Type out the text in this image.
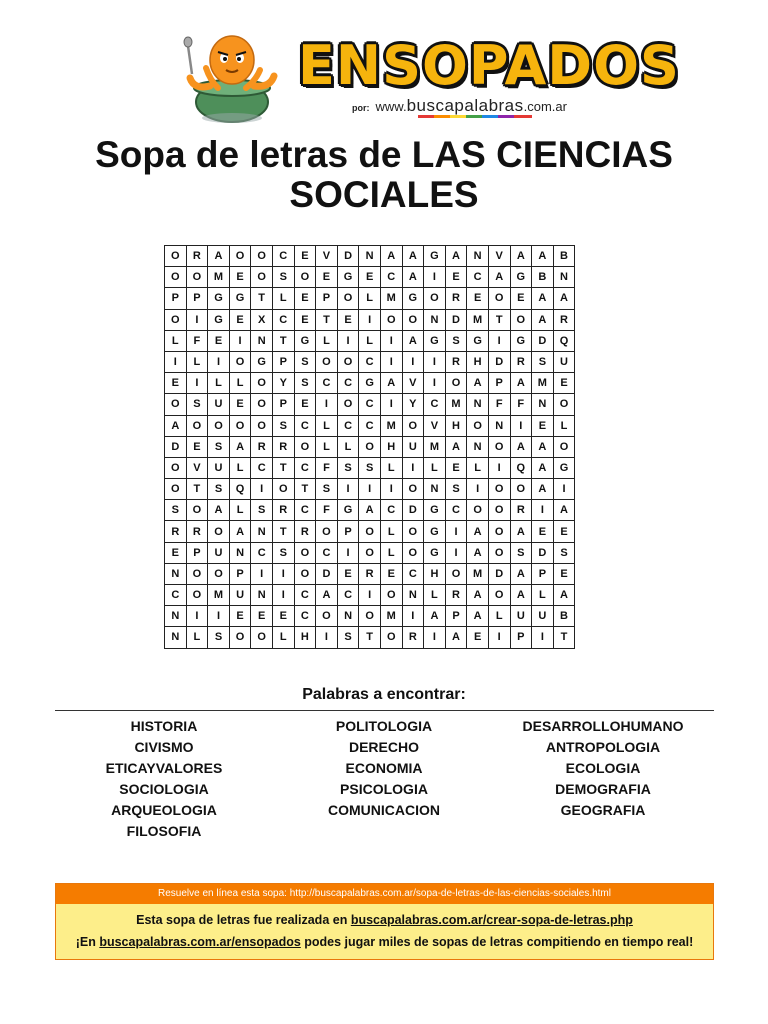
ENSOPADOS
por: www.buscapalabras.com.ar
Sopa de letras de LAS CIENCIAS SOCIALES
O	R	A	O	O	C	E	V	D	N	A	A	G	A	N	V	A	A	B
O	O	M	E	O	S	O	E	G	E	C	A	I	E	C	A	G	B	N
P	P	G	G	T	L	E	P	O	L	M	G	O	R	E	O	E	A	A
O	I	G	E	X	C	E	T	E	I	O	O	N	D	M	T	O	A	R
L	F	E	I	N	T	G	L	I	L	I	A	G	S	G	I	G	D	Q
I	L	I	O	G	P	S	O	O	C	I	I	I	R	H	D	R	S	U
E	I	L	L	O	Y	S	C	C	G	A	V	I	O	A	P	A	M	E
O	S	U	E	O	P	E	I	O	C	I	Y	C	M	N	F	F	N	O
A	O	O	O	O	S	C	L	C	C	M	O	V	H	O	N	I	E	L
D	E	S	A	R	R	O	L	L	O	H	U	M	A	N	O	A	A	O
O	V	U	L	C	T	C	F	S	S	L	I	L	E	L	I	Q	A	G
O	T	S	Q	I	O	T	S	I	I	I	O	N	S	I	O	O	A	I
S	O	A	L	S	R	C	F	G	A	C	D	G	C	O	O	R	I	A
R	R	O	A	N	T	R	O	P	O	L	O	G	I	A	O	A	E	E
E	P	U	N	C	S	O	C	I	O	L	O	G	I	A	O	S	D	S
N	O	O	P	I	I	O	D	E	R	E	C	H	O	M	D	A	P	E
C	O	M	U	N	I	C	A	C	I	O	N	L	R	A	O	A	L	A
N	I	I	E	E	E	C	O	N	O	M	I	A	P	A	L	U	U	B
N	L	S	O	O	L	H	I	S	T	O	R	I	A	E	I	P	I	T
Palabras a encontrar:
HISTORIA
CIVISMO
ETICAYVALORES
SOCIOLOGIA
ARQUEOLOGIA
FILOSOFIA
POLITOLOGIA
DERECHO
ECONOMIA
PSICOLOGIA
COMUNICACION
DESARROLLOHUMANO
ANTROPOLOGIA
ECOLOGIA
DEMOGRAFIA
GEOGRAFIA
Resuelve en línea esta sopa: http://buscapalabras.com.ar/sopa-de-letras-de-las-ciencias-sociales.html
Esta sopa de letras fue realizada en buscapalabras.com.ar/crear-sopa-de-letras.php
¡En buscapalabras.com.ar/ensopados podes jugar miles de sopas de letras compitiendo en tiempo real!
